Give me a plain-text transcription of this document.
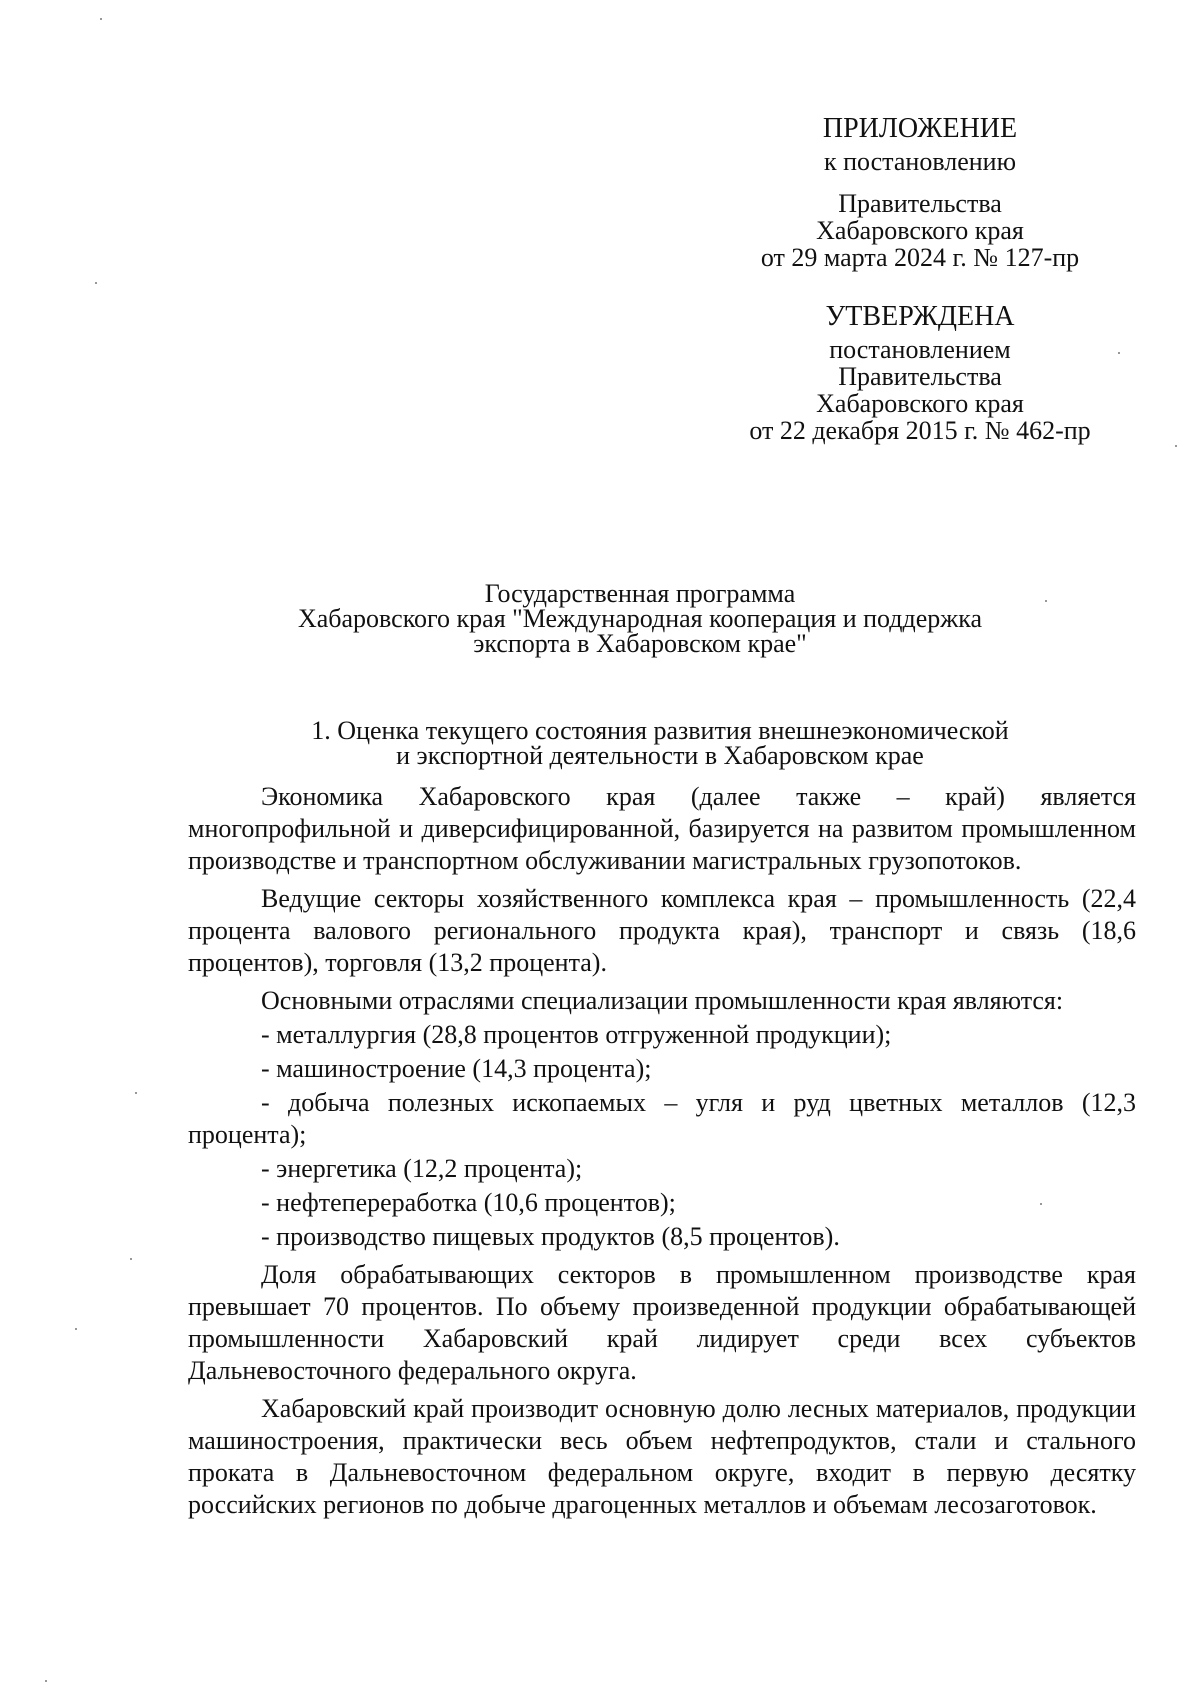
ПРИЛОЖЕНИЕ
к постановлению
Правительства
Хабаровского края
от 29 марта 2024 г. № 127-пр
УТВЕРЖДЕНА
постановлением
Правительства
Хабаровского края
от 22 декабря 2015 г. № 462-пр
Государственная программа
Хабаровского края "Международная кооперация и поддержка
экспорта в Хабаровском крае"
1. Оценка текущего состояния развития внешнеэкономической
и экспортной деятельности в Хабаровском крае

Экономика Хабаровского края (далее также – край) является многопрофильной и диверсифицированной, базируется на развитом промышленном производстве и транспортном обслуживании магистральных грузопотоков.

Ведущие секторы хозяйственного комплекса края – промышленность (22,4 процента валового регионального продукта края), транспорт и связь (18,6 процентов), торговля (13,2 процента).

Основными отраслями специализации промышленности края являются:

- металлургия (28,8 процентов отгруженной продукции);

- машиностроение (14,3 процента);

- добыча полезных ископаемых – угля и руд цветных металлов (12,3 процента);

- энергетика (12,2 процента);

- нефтепереработка (10,6 процентов);

- производство пищевых продуктов (8,5 процентов).

Доля обрабатывающих секторов в промышленном производстве края превышает 70 процентов. По объему произведенной продукции обрабатывающей промышленности Хабаровский край лидирует среди всех субъектов Дальневосточного федерального округа.

Хабаровский край производит основную долю лесных материалов, продукции машиностроения, практически весь объем нефтепродуктов, стали и стального проката в Дальневосточном федеральном округе, входит в первую десятку российских регионов по добыче драгоценных металлов и объемам лесозаготовок.
